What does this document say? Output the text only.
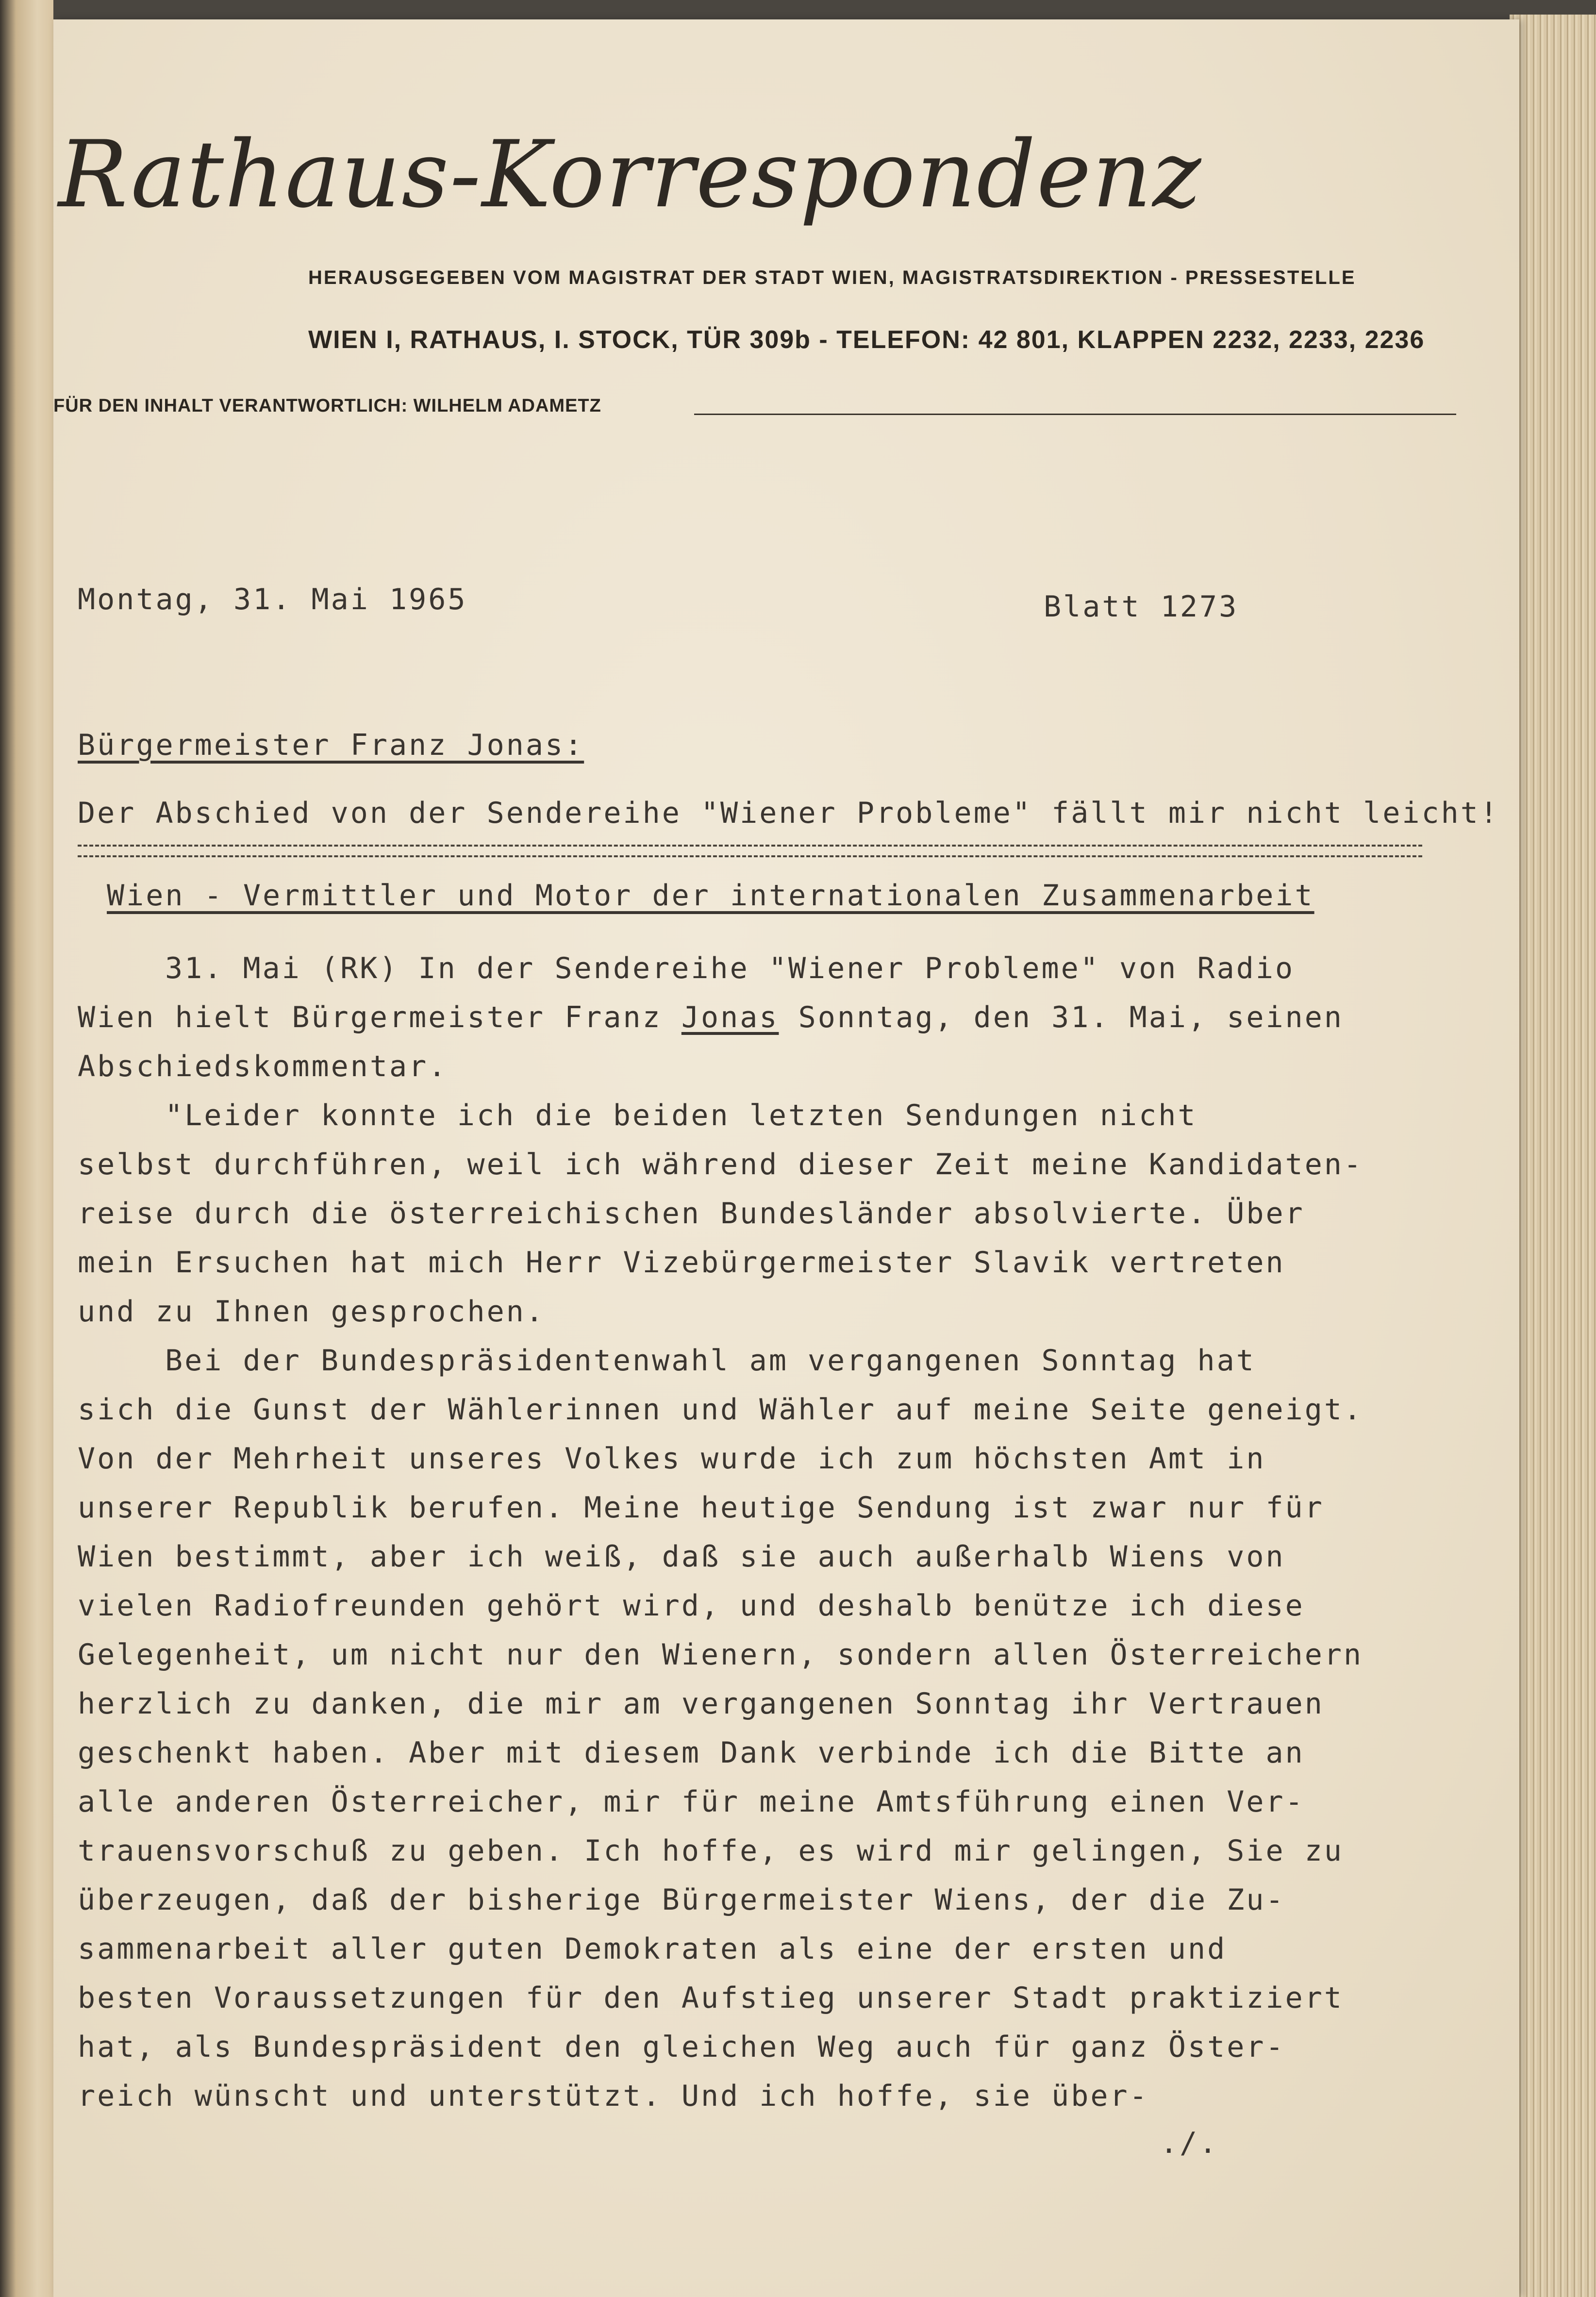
Rathaus-Korrespondenz
HERAUSGEGEBEN VOM MAGISTRAT DER STADT WIEN, MAGISTRATSDIREKTION - PRESSESTELLE
WIEN I, RATHAUS, I. STOCK, TÜR 309b - TELEFON: 42 801, KLAPPEN 2232, 2233, 2236
FÜR DEN INHALT VERANTWORTLICH: WILHELM ADAMETZ
Montag, 31. Mai 1965	Blatt 1273
Bürgermeister Franz Jonas:
Der Abschied von der Sendereihe "Wiener Probleme" fällt mir nicht leicht!
Wien - Vermittler und Motor der internationalen Zusammenarbeit
31. Mai (RK) In der Sendereihe "Wiener Probleme" von Radio
Wien hielt Bürgermeister Franz Jonas Sonntag, den 31. Mai, seinen
Abschiedskommentar.
"Leider konnte ich die beiden letzten Sendungen nicht
selbst durchführen, weil ich während dieser Zeit meine Kandidaten-
reise durch die österreichischen Bundesländer absolvierte. Über
mein Ersuchen hat mich Herr Vizebürgermeister Slavik vertreten
und zu Ihnen gesprochen.
Bei der Bundespräsidentenwahl am vergangenen Sonntag hat
sich die Gunst der Wählerinnen und Wähler auf meine Seite geneigt.
Von der Mehrheit unseres Volkes wurde ich zum höchsten Amt in
unserer Republik berufen. Meine heutige Sendung ist zwar nur für
Wien bestimmt, aber ich weiß, daß sie auch außerhalb Wiens von
vielen Radiofreunden gehört wird, und deshalb benütze ich diese
Gelegenheit, um nicht nur den Wienern, sondern allen Österreichern
herzlich zu danken, die mir am vergangenen Sonntag ihr Vertrauen
geschenkt haben. Aber mit diesem Dank verbinde ich die Bitte an
alle anderen Österreicher, mir für meine Amtsführung einen Ver-
trauensvorschuß zu geben. Ich hoffe, es wird mir gelingen, Sie zu
überzeugen, daß der bisherige Bürgermeister Wiens, der die Zu-
sammenarbeit aller guten Demokraten als eine der ersten und
besten Voraussetzungen für den Aufstieg unserer Stadt praktiziert
hat, als Bundespräsident den gleichen Weg auch für ganz Öster-
reich wünscht und unterstützt. Und ich hoffe, sie über-
./.
